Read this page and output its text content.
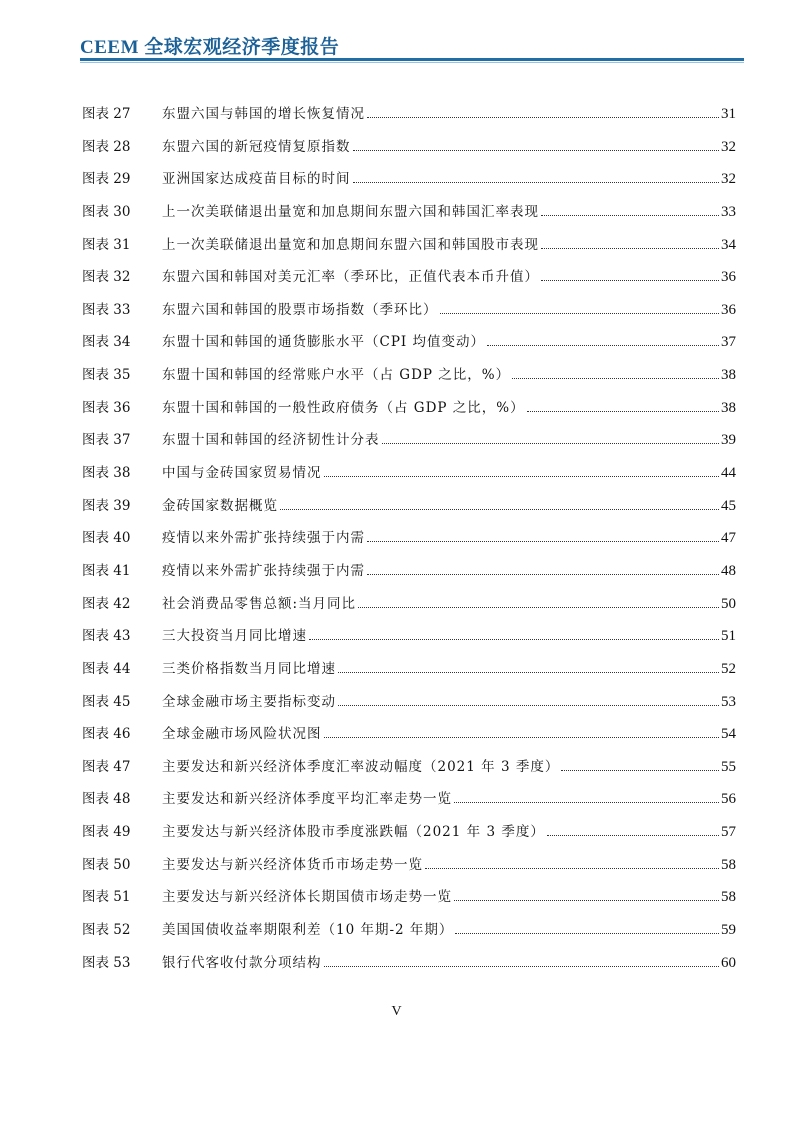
CEEM 全球宏观经济季度报告
图表 27	东盟六国与韩国的增长恢复情况	31
图表 28	东盟六国的新冠疫情复原指数	32
图表 29	亚洲国家达成疫苗目标的时间	32
图表 30	上一次美联储退出量宽和加息期间东盟六国和韩国汇率表现	33
图表 31	上一次美联储退出量宽和加息期间东盟六国和韩国股市表现	34
图表 32	东盟六国和韩国对美元汇率（季环比，正值代表本币升值）	36
图表 33	东盟六国和韩国的股票市场指数（季环比）	36
图表 34	东盟十国和韩国的通货膨胀水平（CPI 均值变动）	37
图表 35	东盟十国和韩国的经常账户水平（占 GDP 之比，%）	38
图表 36	东盟十国和韩国的一般性政府债务（占 GDP 之比，%）	38
图表 37	东盟十国和韩国的经济韧性计分表	39
图表 38	中国与金砖国家贸易情况	44
图表 39	金砖国家数据概览	45
图表 40	疫情以来外需扩张持续强于内需	47
图表 41	疫情以来外需扩张持续强于内需	48
图表 42	社会消费品零售总额:当月同比	50
图表 43	三大投资当月同比增速	51
图表 44	三类价格指数当月同比增速	52
图表 45	全球金融市场主要指标变动	53
图表 46	全球金融市场风险状况图	54
图表 47	主要发达和新兴经济体季度汇率波动幅度（2021 年 3 季度）	55
图表 48	主要发达和新兴经济体季度平均汇率走势一览	56
图表 49	主要发达与新兴经济体股市季度涨跌幅（2021 年 3 季度）	57
图表 50	主要发达与新兴经济体货币市场走势一览	58
图表 51	主要发达与新兴经济体长期国债市场走势一览	58
图表 52	美国国债收益率期限利差（10 年期-2 年期）	59
图表 53	银行代客收付款分项结构	60
V
